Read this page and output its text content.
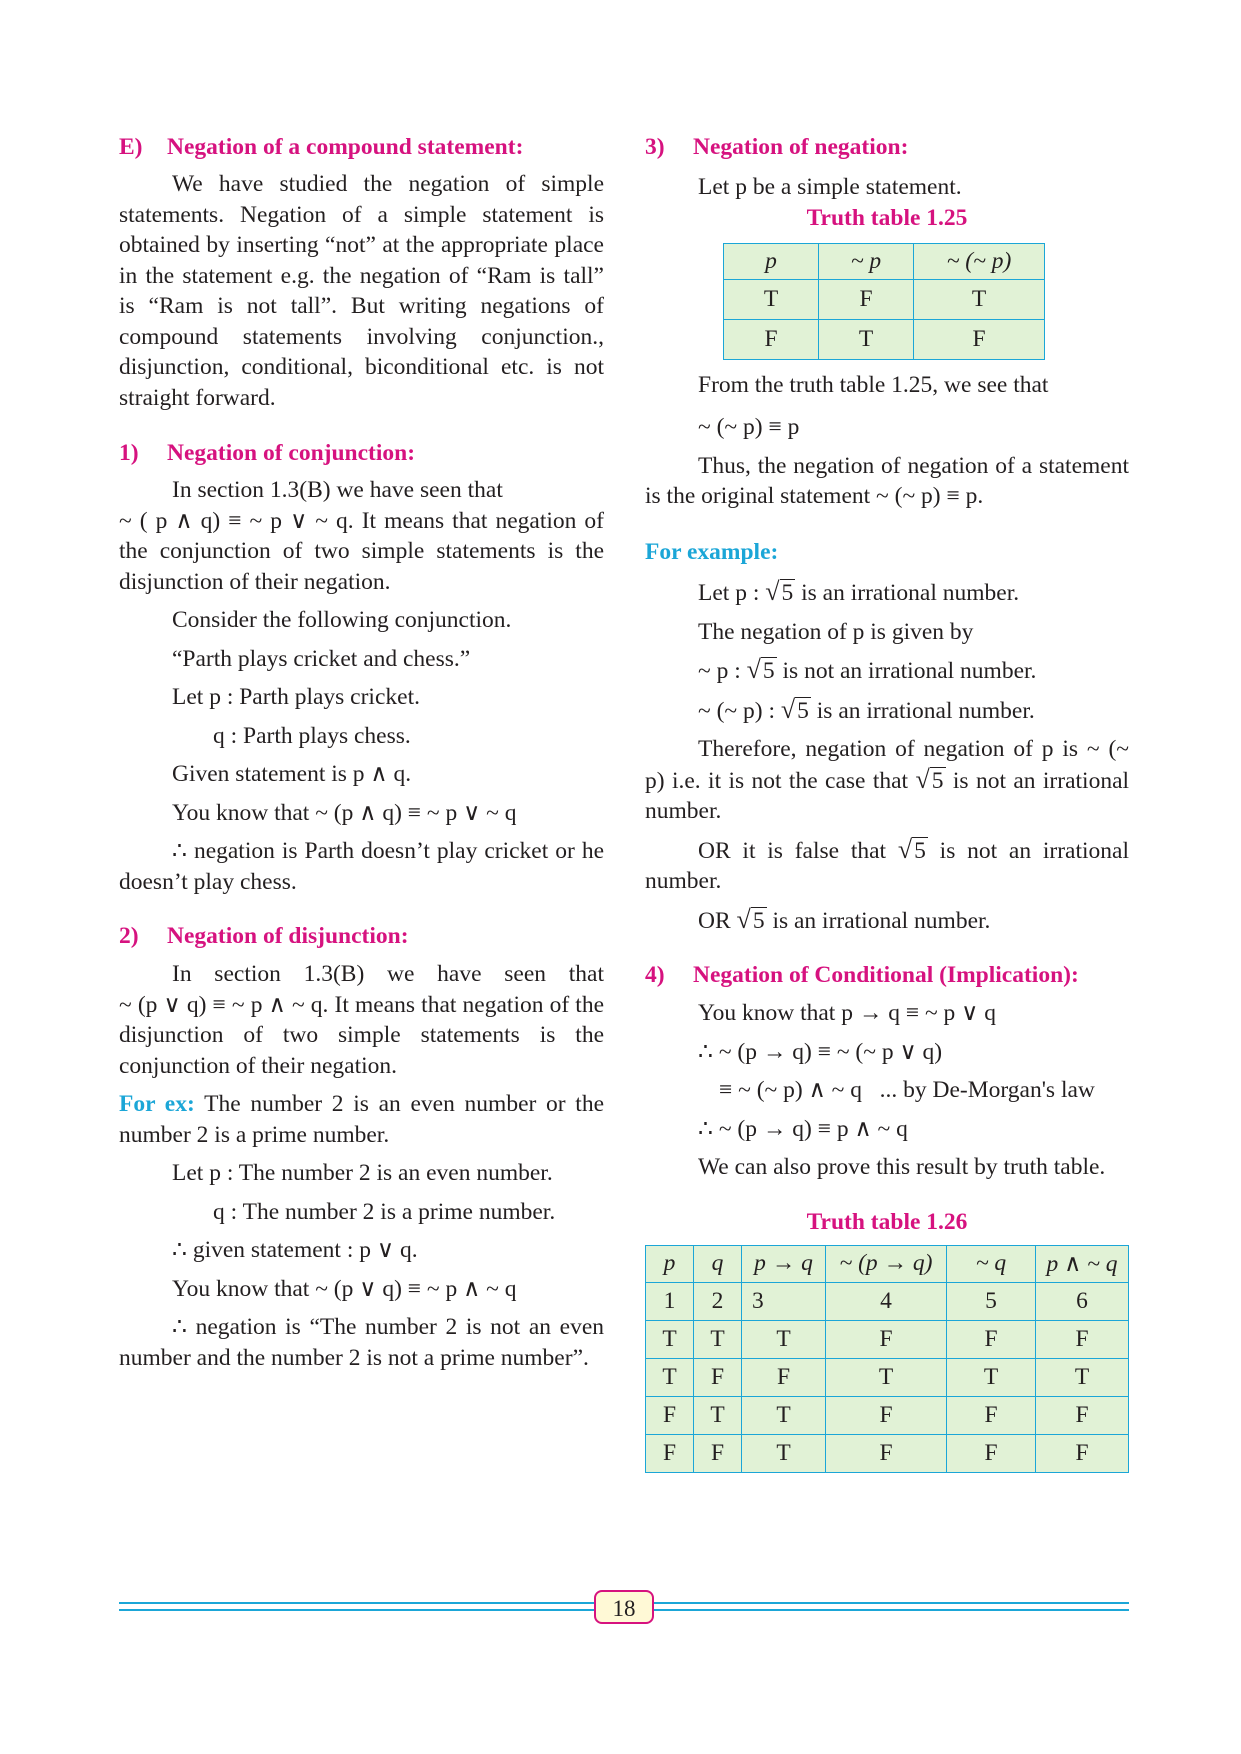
E)	Negation of a compound statement:

We have studied the negation of simple statements. Negation of a simple statement is obtained by inserting “not” at the appropriate place in the statement e.g. the negation of “Ram is tall” is “Ram is not tall”. But writing negations of compound statements involving conjunction., disjunction, conditional, biconditional etc. is not straight forward.

1)	Negation of conjunction:

In section 1.3(B) we have seen that

~ ( p ∧ q) ≡ ~ p ∨ ~ q. It means that negation of the conjunction of two simple statements is the disjunction of their negation.

Consider the following conjunction.

“Parth plays cricket and chess.”

Let p : Parth plays cricket.

q : Parth plays chess.

Given statement is p ∧ q.

You know that ~ (p ∧ q) ≡ ~ p ∨ ~ q

∴ negation is Parth doesn’t play cricket or he doesn’t play chess.

2)	Negation of disjunction:

In section 1.3(B) we have seen that

~ (p ∨ q) ≡ ~ p ∧ ~ q. It means that negation of the disjunction of two simple statements is the conjunction of their negation.

For ex: The number 2 is an even number or the number 2 is a prime number.

Let p : The number 2 is an even number.

q : The number 2 is a prime number.

∴ given statement : p ∨ q.

You know that ~ (p ∨ q) ≡ ~ p ∧ ~ q

∴ negation is “The number 2 is not an even number and the number 2 is not a prime number”.

3)	Negation of negation:

Let p be a simple statement.

Truth table 1.25
p	~ p	~ (~ p)
T	F	T
F	T	F

From the truth table 1.25, we see that

~ (~ p) ≡ p

Thus, the negation of negation of a statement is the original statement ~ (~ p) ≡ p.

For example:

Let p : √5 is an irrational number.

The negation of p is given by

~ p : √5 is not an irrational number.

~ (~ p) : √5 is an irrational number.

Therefore, negation of negation of p is ~ (~ p) i.e. it is not the case that √5 is not an irrational number.

OR it is false that √5 is not an irrational number.

OR √5 is an irrational number.

4)	Negation of Conditional (Implication):

You know that p → q ≡ ~ p ∨ q

∴ ~ (p → q) ≡ ~ (~ p ∨ q)

≡ ~ (~ p) ∧ ~ q   ... by De-Morgan's law

∴ ~ (p → q) ≡ p ∧ ~ q

We can also prove this result by truth table.

Truth table 1.26
p	q	p → q	~ (p → q)	~ q	p ∧ ~ q
1	2	3	4	5	6
T	T	T	F	F	F
T	F	F	T	T	T
F	T	T	F	F	F
F	F	T	F	F	F
18
